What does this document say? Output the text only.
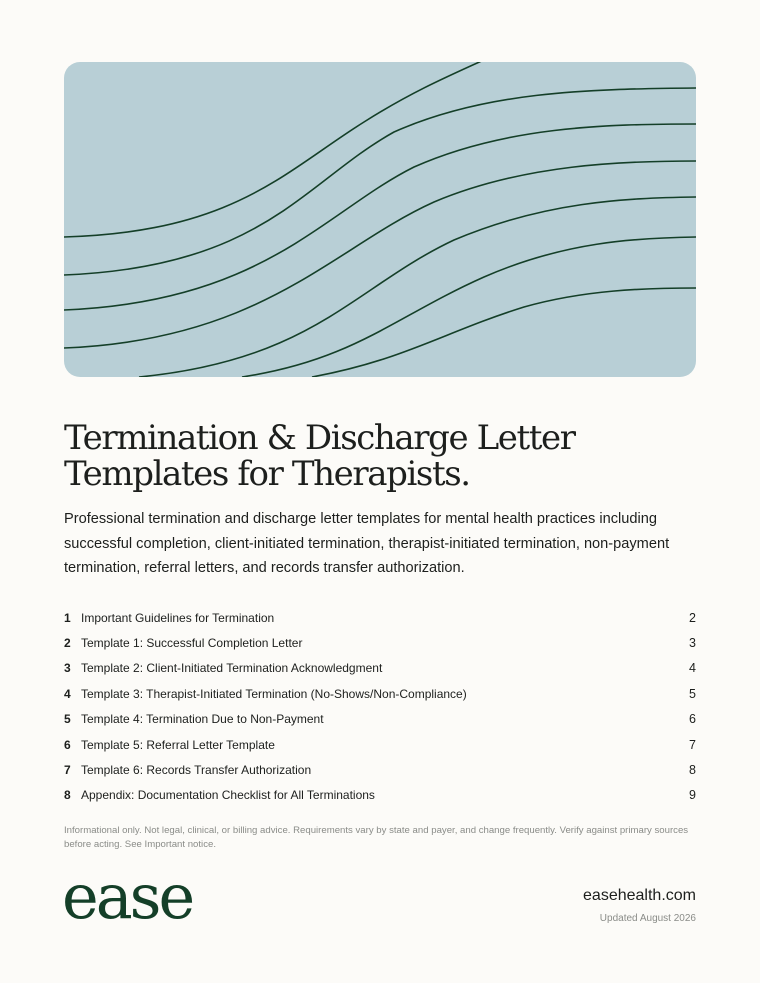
Termination & Discharge Letter Templates for Therapists.

Professional termination and discharge letter templates for mental health practices including successful completion, client-initiated termination, therapist-initiated termination, non-payment termination, referral letters, and records transfer authorization.

1 Important Guidelines for Termination	2
2 Template 1: Successful Completion Letter	3
3 Template 2: Client-Initiated Termination Acknowledgment	4
4 Template 3: Therapist-Initiated Termination (No-Shows/Non-Compliance)	5
5 Template 4: Termination Due to Non-Payment	6
6 Template 5: Referral Letter Template	7
7 Template 6: Records Transfer Authorization	8
8 Appendix: Documentation Checklist for All Terminations	9

Informational only. Not legal, clinical, or billing advice. Requirements vary by state and payer, and change frequently. Verify against primary sources before acting. See Important notice.

ease	easehealth.com
Updated August 2026
